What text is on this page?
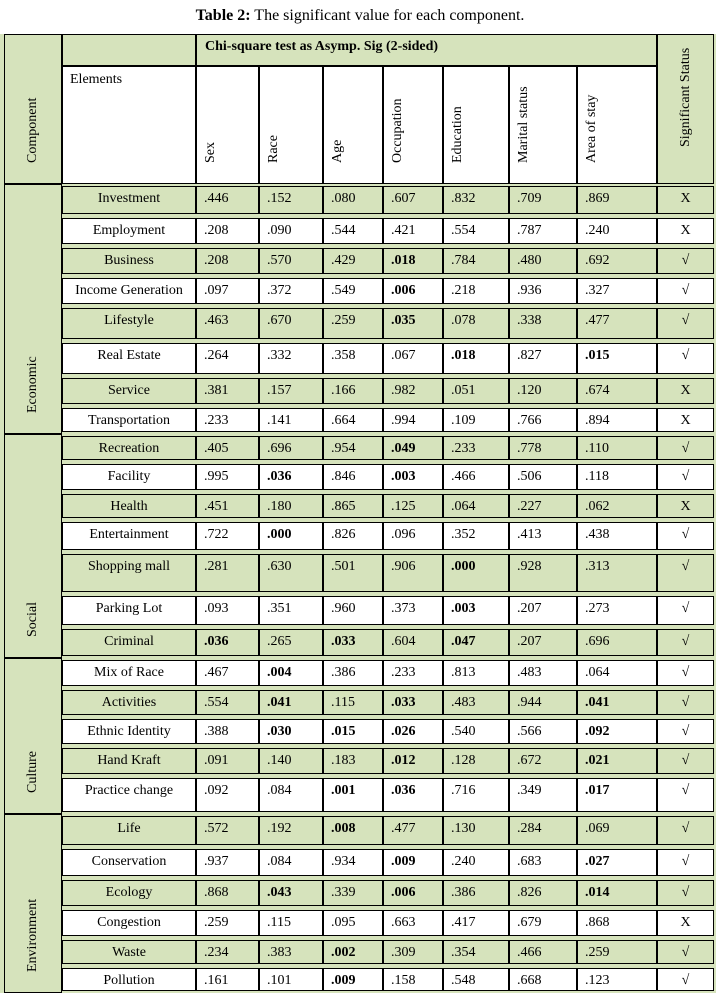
Table 2: The significant value for each component.
Component
Chi-square test as Asymp. Sig (2-sided)
Significant Status
Elements
Sex	Race	Age	Occupation	Education	Marital status	Area of stay
Investment	.446	.152	.080	.607	.832	.709	.869	X
Employment	.208	.090	.544	.421	.554	.787	.240	X
Business	.208	.570	.429	.018	.784	.480	.692	√
Income Generation	.097	.372	.549	.006	.218	.936	.327	√
Lifestyle	.463	.670	.259	.035	.078	.338	.477	√
Real Estate	.264	.332	.358	.067	.018	.827	.015	√
Service	.381	.157	.166	.982	.051	.120	.674	X
Transportation	.233	.141	.664	.994	.109	.766	.894	X
Recreation	.405	.696	.954	.049	.233	.778	.110	√
Facility	.995	.036	.846	.003	.466	.506	.118	√
Health	.451	.180	.865	.125	.064	.227	.062	X
Entertainment	.722	.000	.826	.096	.352	.413	.438	√
Shopping mall	.281	.630	.501	.906	.000	.928	.313	√
Parking Lot	.093	.351	.960	.373	.003	.207	.273	√
Criminal	.036	.265	.033	.604	.047	.207	.696	√
Mix of Race	.467	.004	.386	.233	.813	.483	.064	√
Activities	.554	.041	.115	.033	.483	.944	.041	√
Ethnic Identity	.388	.030	.015	.026	.540	.566	.092	√
Hand Kraft	.091	.140	.183	.012	.128	.672	.021	√
Practice change	.092	.084	.001	.036	.716	.349	.017	√
Life	.572	.192	.008	.477	.130	.284	.069	√
Conservation	.937	.084	.934	.009	.240	.683	.027	√
Ecology	.868	.043	.339	.006	.386	.826	.014	√
Congestion	.259	.115	.095	.663	.417	.679	.868	X
Waste	.234	.383	.002	.309	.354	.466	.259	√
Pollution	.161	.101	.009	.158	.548	.668	.123	√
Economic
Social
Culture
Environment
